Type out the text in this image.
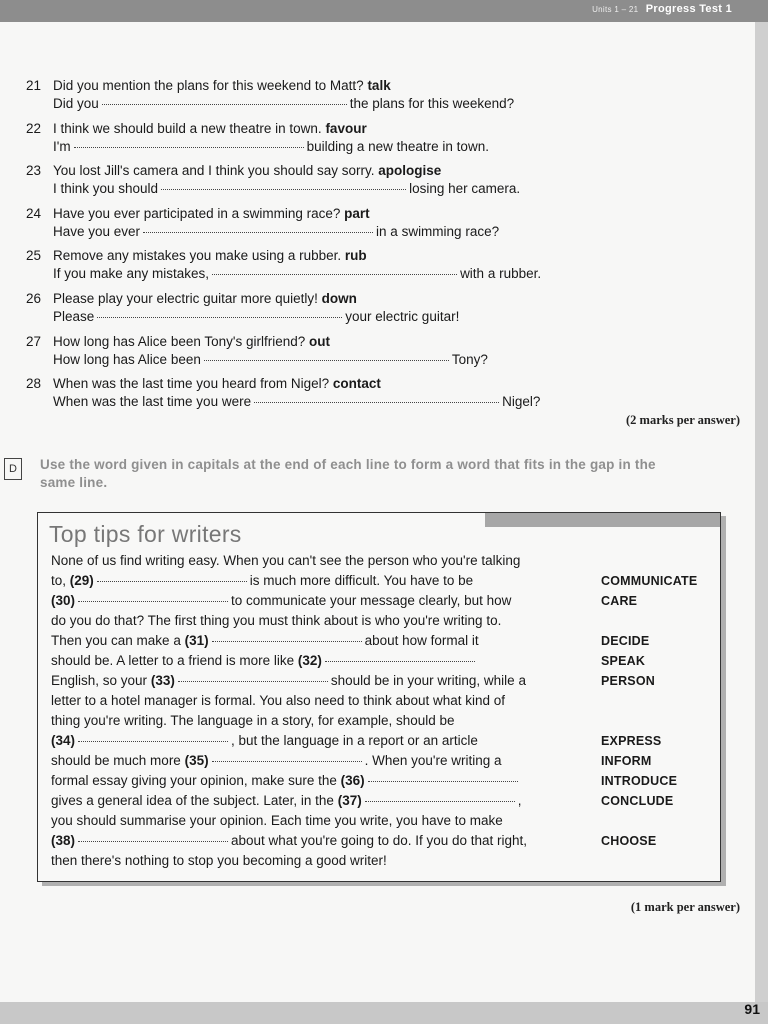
Units 1 – 21 Progress Test 1
21 Did you mention the plans for this weekend to Matt? talk
Did you	the plans for this weekend?
22 I think we should build a new theatre in town. favour
I'm	building a new theatre in town.
23 You lost Jill's camera and I think you should say sorry. apologise
I think you should	losing her camera.
24 Have you ever participated in a swimming race? part
Have you ever	in a swimming race?
25 Remove any mistakes you make using a rubber. rub
If you make any mistakes,	with a rubber.
26 Please play your electric guitar more quietly! down
Please	your electric guitar!
27 How long has Alice been Tony's girlfriend? out
How long has Alice been	Tony?
28 When was the last time you heard from Nigel? contact
When was the last time you were	Nigel?
(2 marks per answer)
D	Use the word given in capitals at the end of each line to form a word that fits in the gap in the same line.
Top tips for writers
None of us find writing easy. When you can't see the person who you're talking
to, (29)	is much more difficult. You have to be	COMMUNICATE
(30)	to communicate your message clearly, but how	CARE
do you do that? The first thing you must think about is who you're writing to.
Then you can make a (31)	about how formal it	DECIDE
should be. A letter to a friend is more like (32)	SPEAK
English, so your (33)	should be in your writing, while a	PERSON
letter to a hotel manager is formal. You also need to think about what kind of
thing you're writing. The language in a story, for example, should be
(34)	, but the language in a report or an article	EXPRESS
should be much more (35)	. When you're writing a	INFORM
formal essay giving your opinion, make sure the (36)	INTRODUCE
gives a general idea of the subject. Later, in the (37)	,	CONCLUDE
you should summarise your opinion. Each time you write, you have to make
(38)	about what you're going to do. If you do that right,	CHOOSE
then there's nothing to stop you becoming a good writer!
(1 mark per answer)
91
